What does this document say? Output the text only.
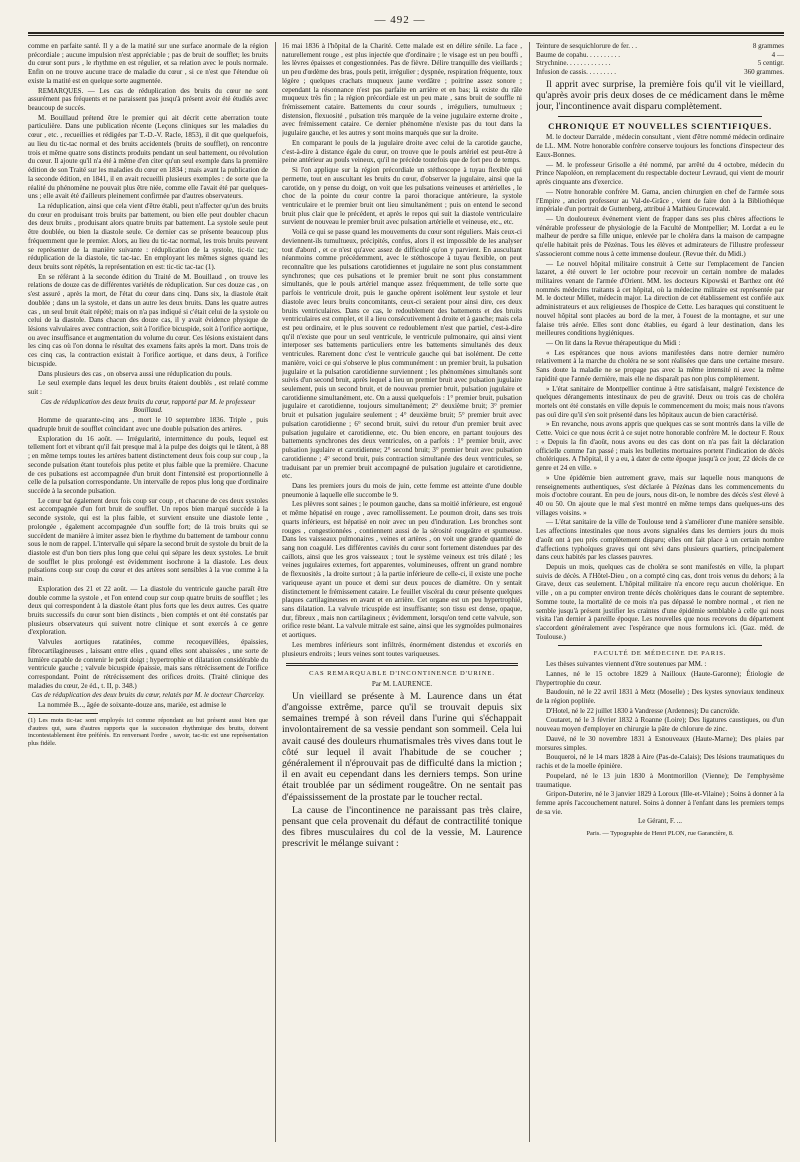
— 492 —

comme en parfaite santé. Il y a de la matité sur une surface anormale de la région précordiale ; aucune impulsion n'est appréciable ; pas de bruit de soufflet; les bruits du cœur sont purs , le rhythme en est régulier, et sa relation avec le pouls normale. Enfin on ne trouve aucune trace de maladie du cœur , si ce n'est que l'étendue où existe la matité est en quelque sorte augmentée.

REMARQUES. — Les cas de réduplication des bruits du cœur ne sont assurément pas fréquents et ne paraissent pas jusqu'à présent avoir été étudiés avec beaucoup de succès.

M. Bouillaud prétend être le premier qui ait décrit cette aberration toute particulière. Dans une publication récente (Leçons cliniques sur les maladies du cœur , etc. , recueillies et rédigées par T.-D.-V. Racle, 1853), il dit que quelquefois, au lieu du tic-tac normal et des bruits accidentels (bruits de soufflet), on rencontre trois et même quatre sons distincts produits pendant un seul battement, ou révolution du cœur. Il ajoute qu'il n'a été à même d'en citer qu'un seul exemple dans la première édition de son Traité sur les maladies du cœur en 1834 ; mais avant la publication de la seconde édition, en 1841, il en avait recueilli plusieurs exemples : de sorte que la réalité du phénomène ne pouvait plus être niée, comme elle l'avait été par quelques-uns ; elle avait été d'ailleurs pleinement confirmée par d'autres observateurs.

La réduplication, ainsi que cela vient d'être établi, peut n'affecter qu'un des bruits du cœur en produisant trois bruits par battement, ou bien elle peut doubler chacun des deux bruits , produisant alors quatre bruits par battement. La systole seule peut être doublée, ou bien la diastole seule. Ce dernier cas se présente beaucoup plus fréquemment que le premier. Alors, au lieu du tic-tac normal, les trois bruits peuvent se représenter de la manière suivante : réduplication de la systole, tic-tic tac; réduplication de la diastole, tic tac-tac. En employant les mêmes signes quand les deux bruits sont répétés, la représentation en est: tic-tic tac-tac (1).

En se référant à la seconde édition du Traité de M. Bouillaud , on trouve les relations de douze cas de différentes variétés de réduplication. Sur ces douze cas , on s'est assuré , après la mort, de l'état du cœur dans cinq. Dans six, la diastole était doublée ; dans un la systole, et dans un autre les deux bruits. Dans les quatre autres cas , un seul bruit était répété; mais on n'a pas indiqué si c'était celui de la systole ou celui de la diastole. Dans chacun des douze cas, il y avait évidence physique de lésions valvulaires avec contraction, soit à l'orifice bicuspide, soit à l'orifice aortique, ou avec insuffisance et augmentation du volume du cœur. Ces lésions existaient dans les cinq cas où l'on donna le résultat des examens faits après la mort. Dans trois de ces cinq cas, la contraction existait à l'orifice aortique, et dans deux, à l'orifice bicuspide.

Dans plusieurs des cas , on observa aussi une réduplication du pouls.

Le seul exemple dans lequel les deux bruits étaient doublés , est relaté comme suit :

Cas de réduplication des deux bruits du cœur, rapporté par M. le professeur Bouillaud.

Homme de quarante-cinq ans , mort le 10 septembre 1836. Triple , puis quadruple bruit de soufflet coïncidant avec une double pulsation des artères.

Exploration du 16 août. — Irrégularité, intermittence du pouls, lequel est tellement fort et vibrant qu'il fait presque mal à la pulpe des doigts qui le tâtent, à 88 ; en même temps toutes les artères battent distinctement deux fois coup sur coup , la seconde pulsation étant toutefois plus petite et plus faible que la première. Chacune de ces pulsations est accompagnée d'un bruit dont l'intensité est proportionnelle à celle de la pulsation correspondante. Un intervalle de repos plus long que d'ordinaire succède à la seconde pulsation.

Le cœur bat également deux fois coup sur coup , et chacune de ces deux systoles est accompagnée d'un fort bruit de soufflet. Un repos bien marqué succède à la seconde systole, qui est la plus faible, et survient ensuite une diastole lente , prolongée , également accompagnée d'un souffle fort; de là trois bruits qui se succèdent de manière à imiter assez bien le rhythme du battement de tambour connu sous le nom de rappel. L'intervalle qui sépare la second bruit de systole du bruit de la diastole est d'un bon tiers plus long que celui qui sépare les deux systoles. Le bruit de soufflet le plus prolongé est évidemment isochrone à la diastole. Les deux pulsations coup sur coup du cœur et des artères sont sensibles à la vue comme à la main.

Exploration des 21 et 22 août. — La diastole du ventricule gauche paraît être double comme la systole , et l'on entend coup sur coup quatre bruits de soufflet ; les deux qui correspondent à la diastole étant plus forts que les deux autres. Ces quatre bruits successifs du cœur sont bien distincts , bien comptés et ont été constatés par plusieurs observateurs qui suivent notre clinique et sont exercés à ce genre d'exploration.

Valvules aortiques ratatinées, comme recoquevillées, épaissies, fibrocartilagineuses , laissant entre elles , quand elles sont abaissées , une sorte de lumière capable de contenir le petit doigt ; hypertrophie et dilatation considérable du ventricule gauche ; valvule bicuspide épaissie, mais sans rétrécissement de l'orifice correspondant. Point de rétrécissement des orifices droits. (Traité clinique des maladies du cœur, 2e éd., t. II, p. 348.)

Cas de réduplication des deux bruits du cœur, relatés par M. le docteur Charcelay.

La nommée B..., âgée de soixante-douze ans, mariée, est admise le

(1) Les mots tic-tac sont employés ici comme répondant au but présent aussi bien que d'autres qui, sans d'autres rapports que la succession rhythmique des bruits, doivent incontestablement être préférés. En renversant l'ordre , savoir, tac-tic est une représentation plus fidèle.

16 mai 1836 à l'hôpital de la Charité. Cette malade est en délire sénile. La face , naturellement rouge , est plus injectée que d'ordinaire ; le visage est un peu bouffi , les lèvres épaisses et congestionnées. Pas de fièvre. Délire tranquille des vieillards ; un peu d'œdème des bras, pouls petit, irrégulier ; dyspnée, respiration fréquente, toux légère ; quelques crachats muqueux jaune verdâtre ; poitrine assez sonore ; cependant la résonnance n'est pas parfaite en arrière et en bas; là existe du râle muqueux très fin ; la région précordiale est un peu mate , sans bruit de souffle ni frémissement cataire. Battements du cœur sourds , irréguliers, tumultueux ; distension, flexuosité , pulsation très marquée de la veine jugulaire externe droite , avec frémissement cataire. Ce dernier phénomène n'existe pas du tout dans la jugulaire gauche, et les autres y sont moins marqués que sur la droite.

En comparant le pouls de la jugulaire droite avec celui de la carotide gauche, c'est-à-dire à distance égale du cœur, on trouve que le pouls artériel est peut-être à peine antérieur au pouls veineux, qu'il ne précède toutefois que de fort peu de temps.

Si l'on applique sur la région précordiale un stéthoscope à tuyau flexible qui permette, tout en auscultant les bruits du cœur, d'observer la jugulaire, ainsi que la carotide, on y pense du doigt, on voit que les pulsations veineuses et artérielles , le choc de la pointe du cœur contre la paroi thoracique antérieure, la systole ventriculaire et le premier bruit ont lieu simultanément ; puis on entend le second bruit plus clair que le précédent, et après le repos qui suit la diastole ventriculaire survient de nouveau le premier bruit avec pulsation artérielle et veineuse, etc., etc.

Voilà ce qui se passe quand les mouvements du cœur sont réguliers. Mais ceux-ci deviennent-ils tumultueux, précipités, confus, alors il est impossible de les analyser tout d'abord , et ce n'est qu'avec assez de difficulté qu'on y parvient. En auscultant néanmoins comme précédemment, avec le stéthoscope à tuyau flexible, on peut reconnaître que les pulsations carotidiennes et jugulaire ne sont plus constamment synchrones; que ces pulsations et le premier bruit ne sont plus constamment simultanés, que le pouls artériel manque assez fréquemment, de telle sorte que parfois le ventricule droit, puis le gauche opèrent isolément leur systole et leur diastole avec leurs bruits concomitants, ceux-ci seraient pour ainsi dire, ces deux bruits ventriculaires. Dans ce cas, le redoublement des battements et des bruits ventriculaires est complet, et il a lieu consécutivement à droite et à gauche; mais cela est peu ordinaire, et le plus souvent ce redoublement n'est que partiel, c'est-à-dire qu'il n'existe que pour un seul ventricule, le ventricule pulmonaire, qui ainsi vient interposer ses battements particuliers entre les battements simultanés des deux ventricules. Rarement donc c'est le ventricule gauche qui bat isolément. De cette manière, voici ce qui s'observe le plus communément : un premier bruit, la pulsation jugulaire et la pulsation carotidienne surviennent ; les phénomènes simultanés sont suivis d'un second bruit, après lequel a lieu un premier bruit avec pulsation jugulaire seulement, puis un second bruit, et de nouveau premier bruit, pulsation jugulaire et carotidienne simultanément, etc. On a aussi quelquefois : 1° premier bruit, pulsation jugulaire et carotidienne, toujours simultanément; 2° deuxième bruit; 3° premier bruit et pulsation jugulaire seulement ; 4° deuxième bruit; 5° premier bruit avec pulsation carotidienne ; 6° second bruit, suivi du retour d'un premier bruit avec pulsation jugulaire et carotidienne, etc. Ou bien encore, en partant toujours des battements synchrones des deux ventricules, on a parfois : 1° premier bruit, avec pulsation jugulaire et carotidienne; 2° second bruit; 3° premier bruit avec pulsation carotidienne ; 4° second bruit, puis contraction simultanée des deux ventricules, se traduisant par un premier bruit accompagné de pulsation jugulaire et carotidienne, etc.

Dans les premiers jours du mois de juin, cette femme est atteinte d'une double pneumonie à laquelle elle succombe le 9.

Les plèvres sont saines ; le poumon gauche, dans sa moitié inférieure, est engoué et même hépatisé en rouge , avec ramollissement. Le poumon droit, dans ses trois quarts inférieurs, est hépatisé en noir avec un peu d'induration. Les bronches sont rouges , congestionnées , contiennent aussi de la sérosité rougeâtre et spumeuse. Dans les vaisseaux pulmonaires , veines et artères , on voit une grande quantité de sang non coagulé. Les différentes cavités du cœur sont fortement distendues par des caillots, ainsi que les gros vaisseaux ; tout le système veineux est très dilaté ; les veines jugulaires externes, fort apparentes, volumineuses, offrent un grand nombre de flexuosités , la droite surtout ; à la partie inférieure de celle-ci, il existe une poche variqueuse ayant un pouce et demi sur deux pouces de diamètre. On y sentait distinctement le frémissement cataire. Le feuillet viscéral du cœur présente quelques plaques cartilagineuses en avant et en arrière. Cet organe est un peu hypertrophié, sans dilatation. La valvule tricuspide est insuffisante; son tissu est dense, opaque, dur, fibreux , mais non cartilagineux ; évidemment, lorsqu'on tend cette valvule, son orifice reste béant. La valvule mitrale est saine, ainsi que les sygmoïdes pulmonaires et aortiques.

Les membres inférieurs sont infiltrés, énormément distendus et excoriés en plusieurs endroits ; leurs veines sont toutes variqueuses.

CAS REMARQUABLE D'INCONTINENCE D'URINE.

Par M. LAURENCE.

Un vieillard se présente à M. Laurence dans un état d'angoisse extrême, parce qu'il se trouvait depuis six semaines trempé à son réveil dans l'urine qui s'échappait involontairement de sa vessie pendant son sommeil. Cela lui avait causé des douleurs rhumatismales très vives dans tout le côté sur lequel il avait l'habitude de se coucher ; généralement il n'éprouvait pas de difficulté dans la miction ; il en avait eu cependant dans les derniers temps. Son urine était troublée par un sédiment rougeâtre. On ne sentait pas d'épaississement de la prostate par le toucher rectal.

La cause de l'incontinence ne paraissant pas très claire, pensant que cela provenait du défaut de contractilité tonique des fibres musculaires du col de la vessie, M. Laurence prescrivit le mélange suivant :

Teinture de sesquichlorure de fer. . .	8 grammes
Baume de copahu. . . . . . . . . .	4 —
Strychnine. . . . . . . . . . . . .	5 centigr.
Infusion de cassis. . . . . . . . .	360 grammes.

Il apprit avec surprise, la première fois qu'il vit le vieillard, qu'après avoir pris deux doses de ce médicament dans le même jour, l'incontinence avait disparu complètement.

CHRONIQUE ET NOUVELLES SCIENTIFIQUES.

M. le docteur Darralde , médecin consultant , vient d'être nommé médecin ordinaire de LL. MM. Notre honorable confrère conserve toujours les fonctions d'inspecteur des Eaux-Bonnes.

— M. le professeur Grisolle a été nommé, par arrêté du 4 octobre, médecin du Prince Napoléon, en remplacement du respectable docteur Levraud, qui vient de mourir après cinquante ans d'exercice.

— Notre honorable confrère M. Gama, ancien chirurgien en chef de l'armée sous l'Empire , ancien professeur au Val-de-Grâce , vient de faire don à la Bibliothèque impériale d'un portrait de Guttenberg, attribué à Mathieu Grucewald.

— Un douloureux événement vient de frapper dans ses plus chères affections le vénérable professeur de physiologie de la Faculté de Montpellier; M. Lordat a eu le malheur de perdre sa fille unique, enlevée par le choléra dans la maison de campagne qu'elle habitait près de Pézénas. Tous les élèves et admirateurs de l'illustre professeur s'associeront comme nous à cette immense douleur. (Revue thér. du Midi.)

— Le nouvel hôpital militaire construit à Cette sur l'emplacement de l'ancien lazaret, a été ouvert le 1er octobre pour recevoir un certain nombre de malades militaires venant de l'armée d'Orient. MM. les docteurs Kipowski et Barthez ont été nommés médecins traitants à cet hôpital, où la médecine militaire est représentée par M. le docteur Millet, médecin major. La direction de cet établissement est confiée aux administrateurs et aux religieuses de l'hospice de Cette. Les baraques qui constituent le nouvel hôpital sont placées au bord de la mer, à l'ouest de la montagne, et sur une falaise très aérée. Elles sont donc établies, eu égard à leur destination, dans les meilleures conditions hygiéniques.

— On lit dans la Revue thérapeutique du Midi :

« Les espérances que nous avions manifestées dans notre dernier numéro relativement à la marche du choléra ne se sont réalisées que dans une certaine mesure. Sans doute la maladie ne se propage pas avec la même intensité ni avec la même rapidité que l'année dernière, mais elle ne disparaît pas non plus complètement.

» L'état sanitaire de Montpellier continue à être satisfaisant, malgré l'existence de quelques dérangements intestinaux de peu de gravité. Deux ou trois cas de choléra mortels ont été constatés en ville depuis le commencement du mois; mais nous n'avons pas ouï dire qu'il s'en soit présenté dans les hôpitaux aucun de bien caractérisé.

» En revanche, nous avons appris que quelques cas se sont montrés dans la ville de Cette. Voici ce que nous écrit à ce sujet notre honorable confrère M. le docteur F. Roux : « Depuis la fin d'août, nous avons eu des cas dont on n'a pas fait la déclaration officielle comme l'an passé ; mais les bulletins mortuaires portent l'indication de décès cholériques. A l'hôpital, il y a eu, à dater de cette époque jusqu'à ce jour, 22 décès de ce genre et 24 en ville. »

» Une épidémie bien autrement grave, mais sur laquelle nous manquons de renseignements authentiques, s'est déclarée à Pézénas dans les commencements du mois d'octobre courant. En peu de jours, nous dit-on, le nombre des décès s'est élevé à 40 ou 50. On ajoute que le mal s'est montré en même temps dans quelques-uns des villages voisins. »

— L'état sanitaire de la ville de Toulouse tend à s'améliorer d'une manière sensible. Les affections intestinales que nous avons signalées dans les derniers jours du mois d'août ont à peu près complètement disparu; elles ont fait place à un certain nombre d'affections typhoïques graves qui ont sévi dans plusieurs quartiers, principalement dans ceux habités par les classes pauvres.

Depuis un mois, quelques cas de choléra se sont manifestés en ville, la plupart suivis de décès. A l'Hôtel-Dieu , on a compté cinq cas, dont trois venus du dehors; à la Grave, deux cas seulement. L'hôpital militaire n'a encore reçu aucun cholérique. En ville , on a pu compter environ trente décès cholériques dans le courant de septembre. Somme toute, la mortalité de ce mois n'a pas dépassé le nombre normal , et rien ne semble jusqu'à présent justifier les craintes d'une épidémie semblable à celle qui nous visita l'an dernier à pareille époque. Les nouvelles que nous recevons du département s'accordent généralement avec l'espérance que nous formulons ici. (Gaz. méd. de Toulouse.)

FACULTÉ DE MÉDECINE DE PARIS.

Les thèses suivantes viennent d'être soutenues par MM. :

Lannes, né le 15 octobre 1829 à Nailloux (Haute-Garonne); Étiologie de l'hypertrophie du cœur.

Baudouin, né le 22 avril 1831 à Metz (Moselle) ; Des kystes synoviaux tendineux de la région poplitée.

D'Hotel, né le 22 juillet 1830 à Vandresse (Ardennes); Du cancroïde.

Coutaret, né le 3 février 1832 à Roanne (Loire); Des ligatures caustiques, ou d'un nouveau moyen d'employer en chirurgie la pâte de chlorure de zinc.

Dauvé, né le 30 novembre 1831 à Esnouveaux (Haute-Marne); Des plaies par morsures simples.

Bouqueroi, né le 14 mars 1828 à Aire (Pas-de-Calais); Des lésions traumatiques du rachis et de la moelle épinière.

Poupelard, né le 13 juin 1830 à Montmorillon (Vienne); De l'emphysème traumatique.

Gripon-Duterire, né le 3 janvier 1829 à Loroux (Ille-et-Vilaine) ; Soins à donner à la femme après l'accouchement naturel. Soins à donner à l'enfant dans les premiers temps de sa vie.

Le Gérant, F. ...

Paris. — Typographie de Henri PLON, rue Garancière, 8.
